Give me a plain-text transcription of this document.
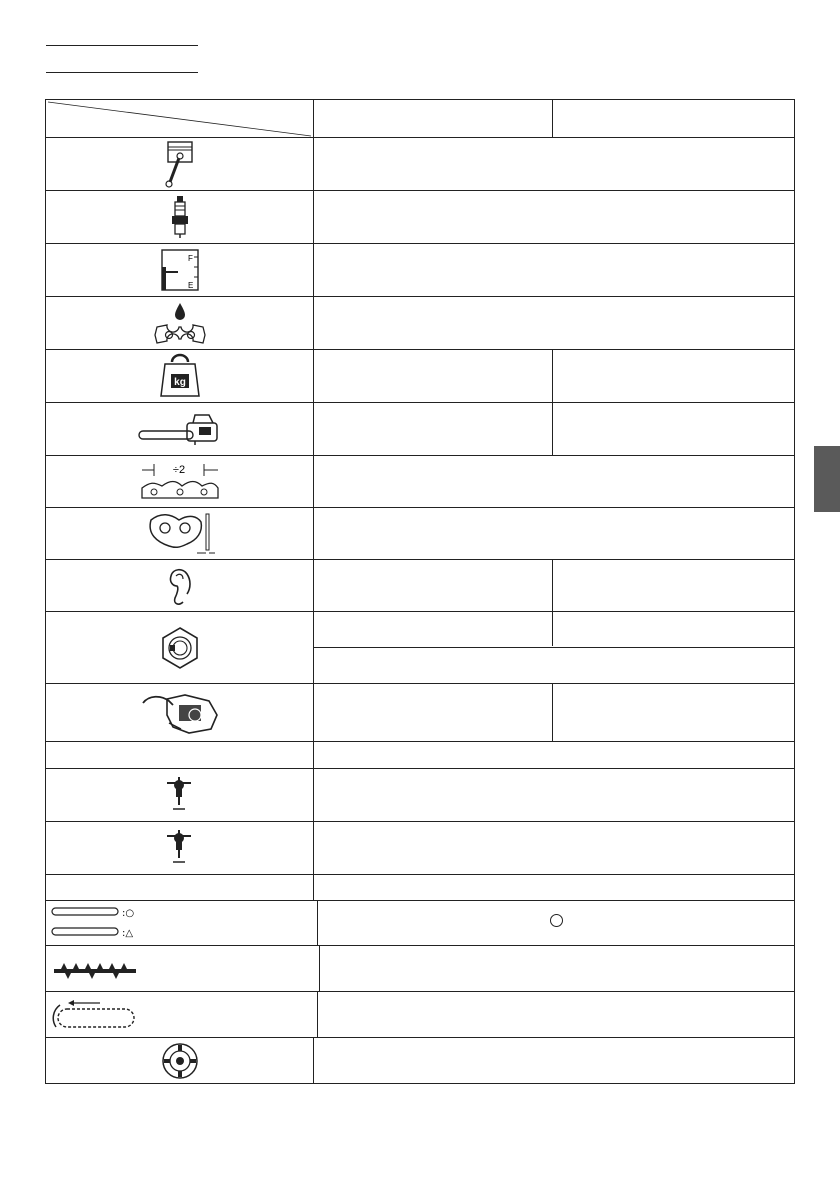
F
E
kg
÷2
:○
:△
